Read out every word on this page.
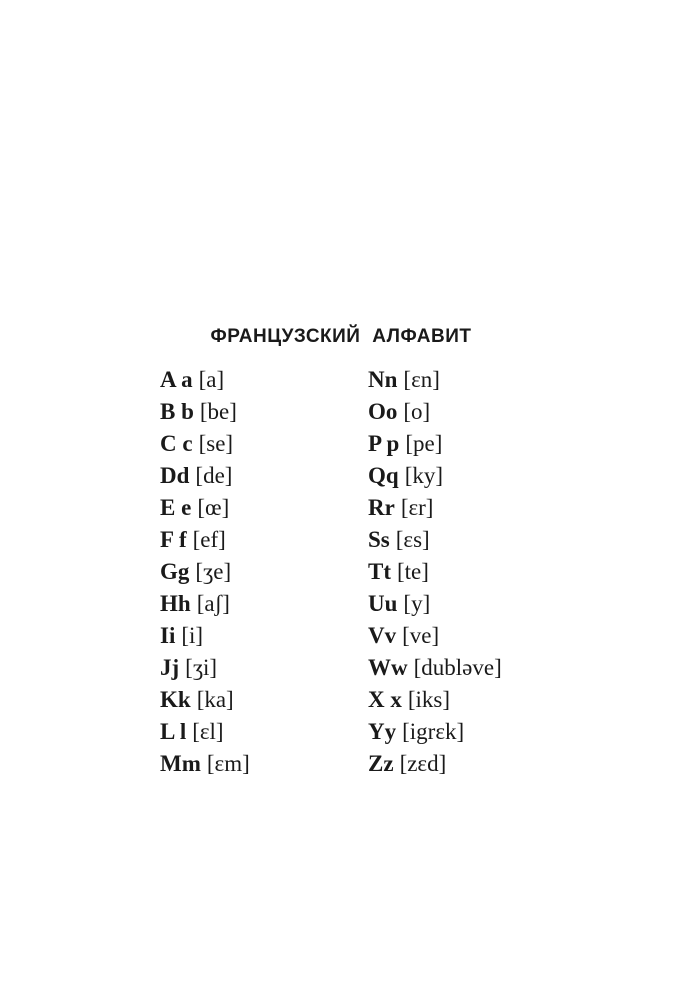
ФРАНЦУЗСКИЙ АЛФАВИТ
A a [a]
B b [be]
C c [se]
Dd [de]
E e [œ]
F f [ef]
Gg [ʒe]
Hh [aʃ]
Ii [i]
Jj [ʒi]
Kk [ka]
L l [ɛl]
Mm [ɛm]
Nn [ɛn]
Oo [o]
P p [pe]
Qq [ky]
Rr [ɛr]
Ss [ɛs]
Tt [te]
Uu [y]
Vv [ve]
Ww [dubləve]
X x [iks]
Yy [igrɛk]
Zz [zɛd]
